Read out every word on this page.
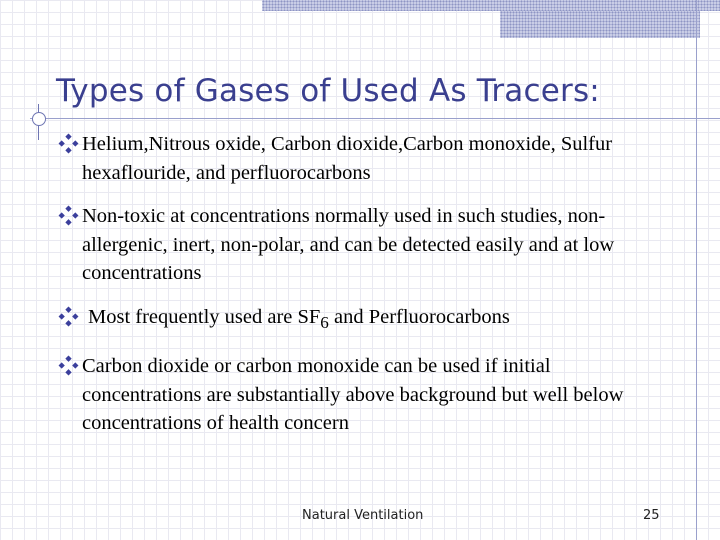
Types of Gases of Used As Tracers:
Helium,Nitrous oxide, Carbon dioxide,Carbon monoxide, Sulfur hexaflouride, and perfluorocarbons
Non-toxic at concentrations normally used in such studies, non-allergenic, inert, non-polar, and can be detected easily and at low concentrations
Most frequently used are $SF_6$ and Perfluorocarbons
Carbon dioxide or carbon monoxide can be used if initial concentrations are substantially above background but well below concentrations of health concern
Natural Ventilation	25
